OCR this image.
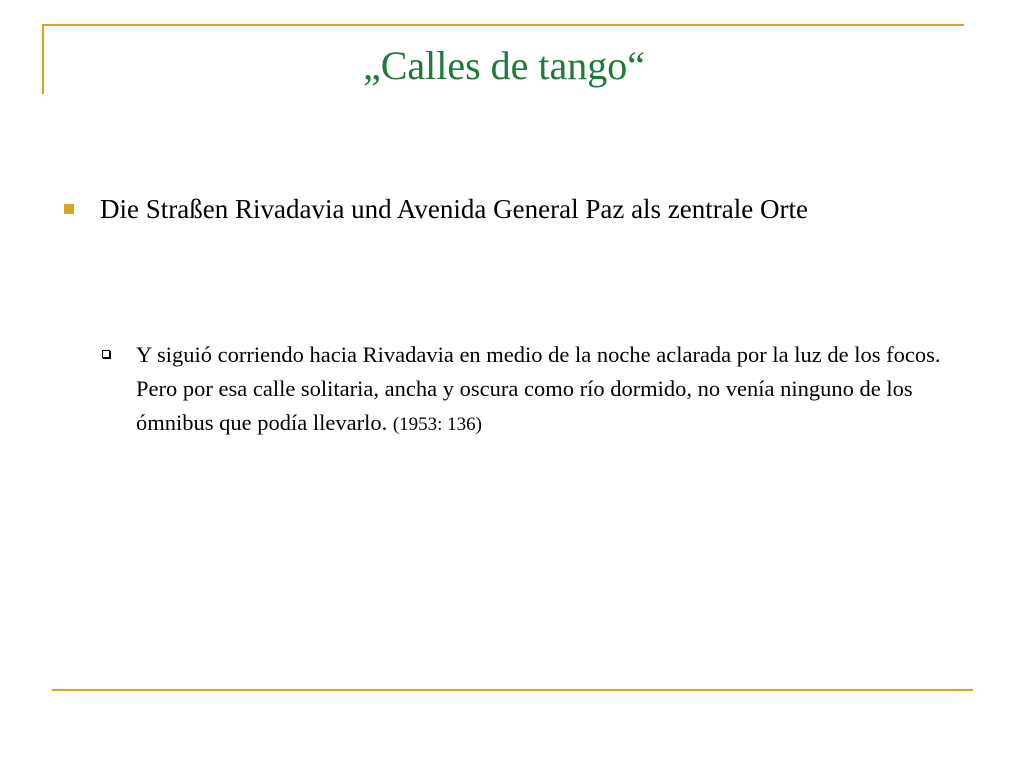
„Calles de tango“
Die Straßen Rivadavia und Avenida General Paz als zentrale Orte
Y siguió corriendo hacia Rivadavia en medio de la noche aclarada por la luz de los focos. Pero por esa calle solitaria, ancha y oscura como río dormido, no venía ninguno de los ómnibus que podía llevarlo. (1953: 136)
